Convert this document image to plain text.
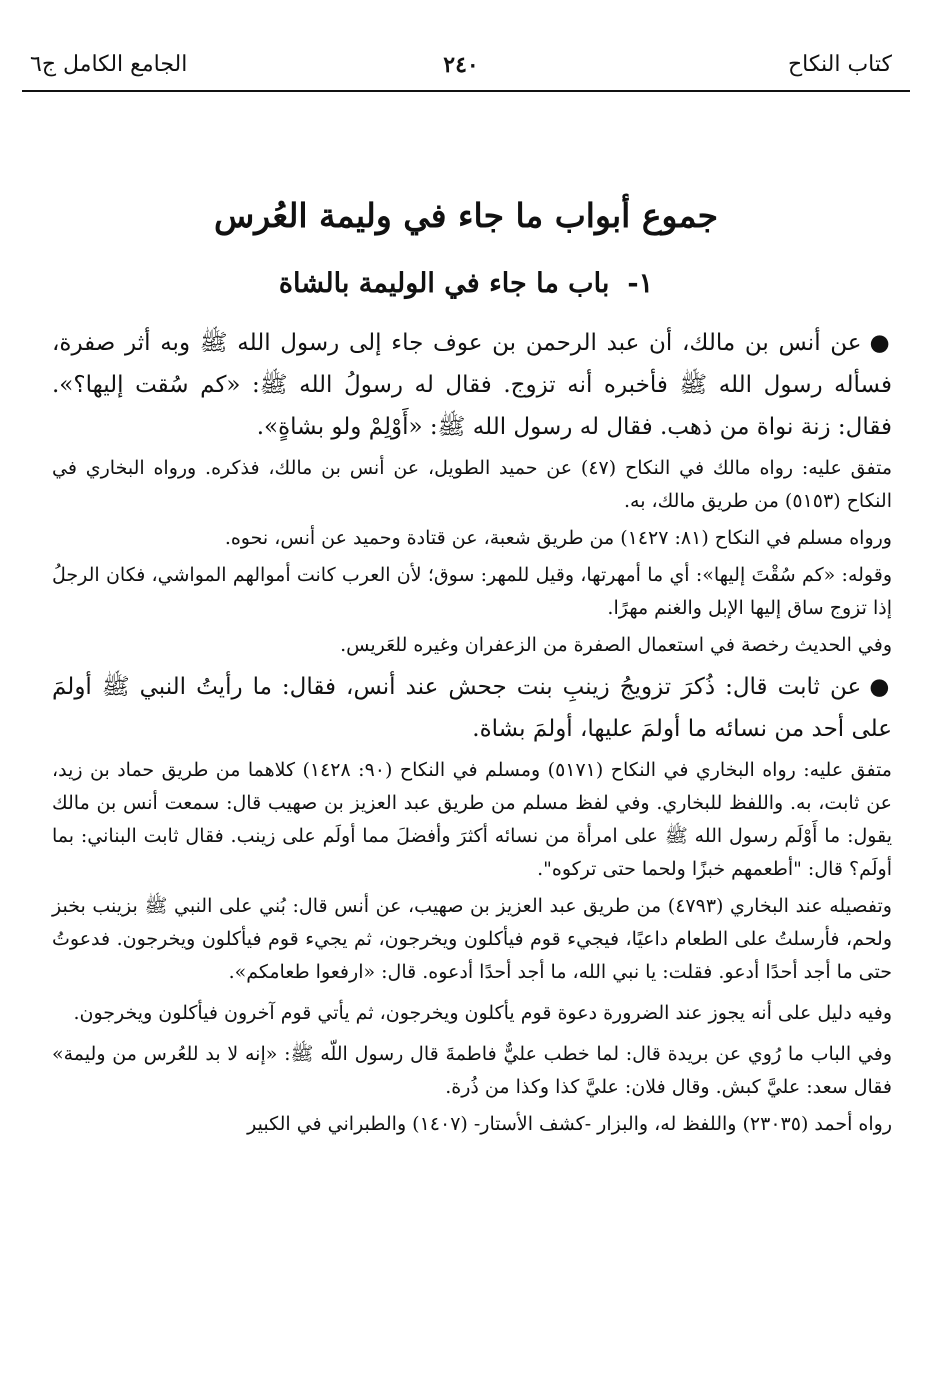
كتاب النكاح
٢٤٠
الجامع الكامل ج٦
جموع أبواب ما جاء في وليمة العُرس
١-باب ما جاء في الوليمة بالشاة

●عن أنس بن مالك، أن عبد الرحمن بن عوف جاء إلى رسول الله ﷺ وبه أثر صفرة، فسأله رسول الله ﷺ فأخبره أنه تزوج. فقال له رسولُ الله ﷺ: «كم سُقت إليها؟». فقال: زنة نواة من ذهب. فقال له رسول الله ﷺ: «أَوْلِمْ ولو بشاةٍ».

متفق عليه: رواه مالك في النكاح (٤٧) عن حميد الطويل، عن أنس بن مالك، فذكره. ورواه البخاري في النكاح (٥١٥٣) من طريق مالك، به.

ورواه مسلم في النكاح (٨١: ١٤٢٧) من طريق شعبة، عن قتادة وحميد عن أنس، نحوه.

وقوله: «كم سُقْتَ إليها»: أي ما أمهرتها، وقيل للمهر: سوق؛ لأن العرب كانت أموالهم المواشي، فكان الرجلُ إذا تزوج ساق إليها الإبل والغنم مهرًا.

وفي الحديث رخصة في استعمال الصفرة من الزعفران وغيره للعَريس.

●عن ثابت قال: ذُكرَ تزويجُ زينبِ بنت جحش عند أنس، فقال: ما رأيتُ النبي ﷺ أولمَ على أحد من نسائه ما أولمَ عليها، أولمَ بشاة.

متفق عليه: رواه البخاري في النكاح (٥١٧١) ومسلم في النكاح (٩٠: ١٤٢٨) كلاهما من طريق حماد بن زيد، عن ثابت، به. واللفظ للبخاري. وفي لفظ مسلم من طريق عبد العزيز بن صهيب قال: سمعت أنس بن مالك يقول: ما أَوْلَم رسول الله ﷺ على امرأة من نسائه أكثرَ وأفضلَ مما أولَم على زينب. فقال ثابت البناني: بما أولَم؟ قال: "أطعمهم خبزًا ولحما حتى تركوه".

وتفصيله عند البخاري (٤٧٩٣) من طريق عبد العزيز بن صهيب، عن أنس قال: بُني على النبي ﷺ بزينب بخبز ولحم، فأرسلتُ على الطعام داعيًا، فيجيء قوم فيأكلون ويخرجون، ثم يجيء قوم فيأكلون ويخرجون. فدعوتُ حتى ما أجد أحدًا أدعو. فقلت: يا نبي الله، ما أجد أحدًا أدعوه. قال: «ارفعوا طعامكم».

وفيه دليل على أنه يجوز عند الضرورة دعوة قوم يأكلون ويخرجون، ثم يأتي قوم آخرون فيأكلون ويخرجون.

وفي الباب ما رُوي عن بريدة قال: لما خطب عليٌّ فاطمةَ قال رسول اللّه ﷺ: «إنه لا بد للعُرس من وليمة» فقال سعد: عليَّ كبش. وقال فلان: عليَّ كذا وكذا من ذُرة.

رواه أحمد (٢٣٠٣٥) واللفظ له، والبزار -كشف الأستار- (١٤٠٧) والطبراني في الكبير
